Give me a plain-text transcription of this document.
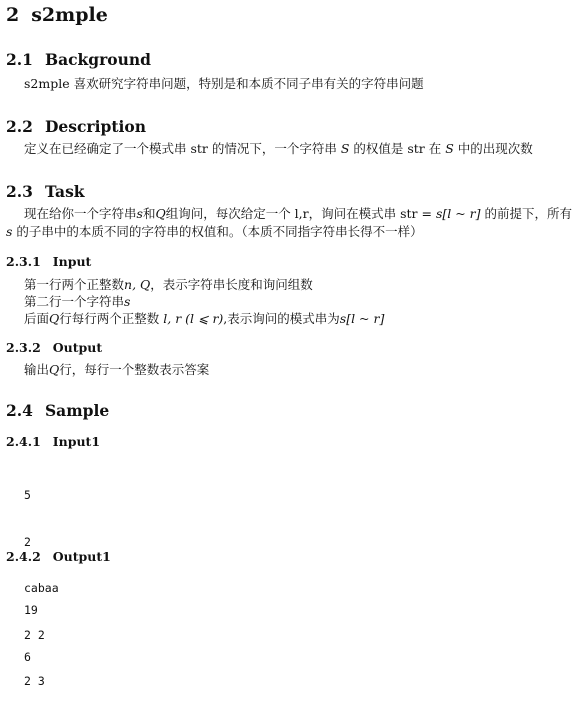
2 s2mple
2.1 Background
s2mple 喜欢研究字符串问题，特别是和本质不同子串有关的字符串问题
2.2 Description
定义在已经确定了一个模式串 str 的情况下，一个字符串 S 的权值是 str 在 S 中的出现次数
2.3 Task
现在给你一个字符串s和Q组询问，每次给定一个 l,r，询问在模式串 str = s[l ~ r] 的前提下，所有
s 的子串中的本质不同的字符串的权值和。（本质不同指字符串长得不一样）
2.3.1 Input
第一行两个正整数n, Q，表示字符串长度和询问组数
第二行一个字符串s
后面Q行每行两个正整数 l, r (l ⩽ r),表示询问的模式串为s[l ~ r]
2.3.2 Output
输出Q行，每行一个整数表示答案
2.4 Sample
2.4.1 Input1

5

2

cabaa

2 2

2 3

2.4.2 Output1

19

6
